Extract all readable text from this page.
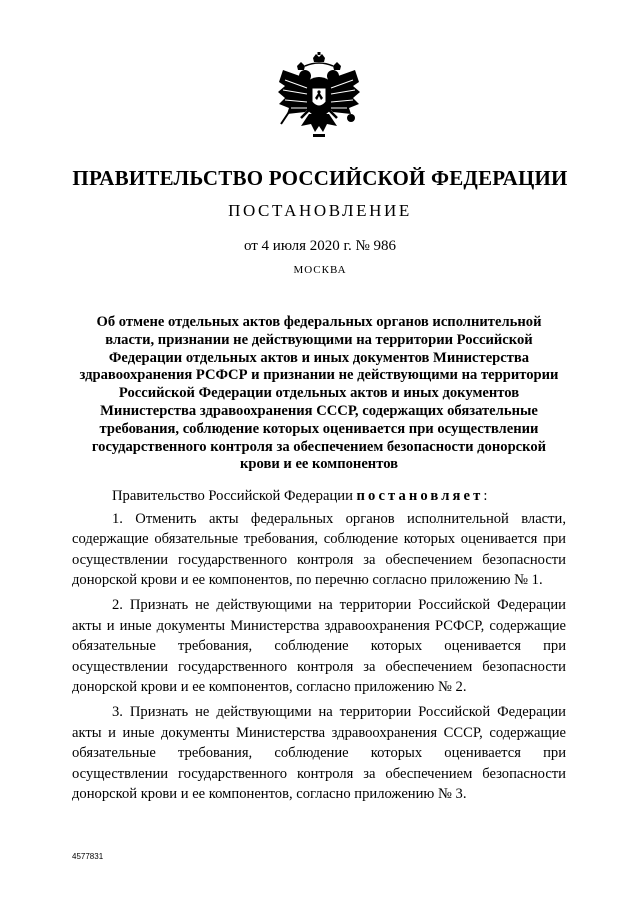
ПРАВИТЕЛЬСТВО РОССИЙСКОЙ ФЕДЕРАЦИИ
ПОСТАНОВЛЕНИЕ
от 4 июля 2020 г. № 986
МОСКВА
Об отмене отдельных актов федеральных органов исполнительной власти, признании не действующими на территории Российской Федерации отдельных актов и иных документов Министерства здравоохранения РСФСР и признании не действующими на территории Российской Федерации отдельных актов и иных документов Министерства здравоохранения СССР, содержащих обязательные требования, соблюдение которых оценивается при осуществлении государственного контроля за обеспечением безопасности донорской крови и ее компонентов

Правительство Российской Федерации постановляет:

1. Отменить акты федеральных органов исполнительной власти, содержащие обязательные требования, соблюдение которых оценивается при осуществлении государственного контроля за обеспечением безопасности донорской крови и ее компонентов, по перечню согласно приложению № 1.

2. Признать не действующими на территории Российской Федерации акты и иные документы Министерства здравоохранения РСФСР, содержащие обязательные требования, соблюдение которых оценивается при осуществлении государственного контроля за обеспечением безопасности донорской крови и ее компонентов, согласно приложению № 2.

3. Признать не действующими на территории Российской Федерации акты и иные документы Министерства здравоохранения СССР, содержащие обязательные требования, соблюдение которых оценивается при осуществлении государственного контроля за обеспечением безопасности донорской крови и ее компонентов, согласно приложению № 3.

4577831
